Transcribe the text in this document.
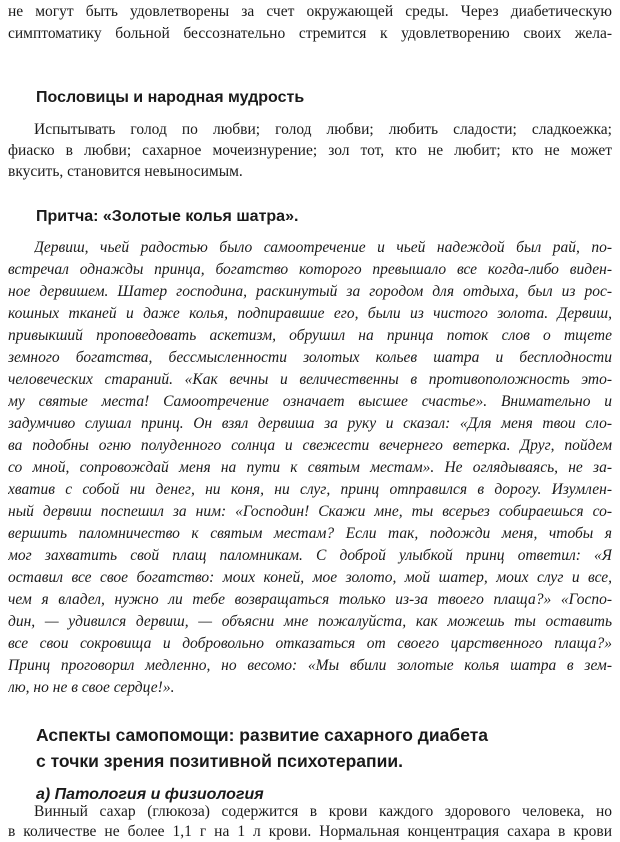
не могут быть удовлетворены за счет окружающей среды. Через диабетическую
симптоматику больной бессознательно стремится к удовлетворению своих жела-
Пословицы и народная мудрость
Испытывать голод по любви; голод любви; любить сладости; сладкоежка;
фиаско в любви; сахарное мочеизнурение; зол тот, кто не любит; кто не может
вкусить, становится невыносимым.
Притча: «Золотые колья шатра».
Дервиш, чьей радостью было самоотречение и чьей надеждой был рай, по-
встречал однажды принца, богатство которого превышало все когда-либо виден-
ное дервишем. Шатер господина, раскинутый за городом для отдыха, был из рос-
кошных тканей и даже колья, подпиравшие его, были из чистого золота. Дервиш,
привыкший проповедовать аскетизм, обрушил на принца поток слов о тщете
земного богатства, бессмысленности золотых кольев шатра и бесплодности
человеческих стараний. «Как вечны и величественны в противоположность это-
му святые места! Самоотречение означает высшее счастье». Внимательно и
задумчиво слушал принц. Он взял дервиша за руку и сказал: «Для меня твои сло-
ва подобны огню полуденного солнца и свежести вечернего ветерка. Друг, пойдем
со мной, сопровождай меня на пути к святым местам». Не оглядываясь, не за-
хватив с собой ни денег, ни коня, ни слуг, принц отправился в дорогу. Изумлен-
ный дервиш поспешил за ним: «Господин! Скажи мне, ты всерьез собираешься со-
вершить паломничество к святым местам? Если так, подожди меня, чтобы я
мог захватить свой плащ паломникам. С доброй улыбкой принц ответил: «Я
оставил все свое богатство: моих коней, мое золото, мой шатер, моих слуг и все,
чем я владел, нужно ли тебе возвращаться только из-за твоего плаща?» «Госпо-
дин, — удивился дервиш, — объясни мне пожалуйста, как можешь ты оставить
все свои сокровища и добровольно отказаться от своего царственного плаща?»
Принц проговорил медленно, но весомо: «Мы вбили золотые колья шатра в зем-
лю, но не в свое сердце!».
Аспекты самопомощи: развитие сахарного диабета
с точки зрения позитивной психотерапии.
а) Патология и физиология
Винный сахар (глюкоза) содержится в крови каждого здорового человека, но
в количестве не более 1,1 г на 1 л крови. Нормальная концентрация сахара в крови
